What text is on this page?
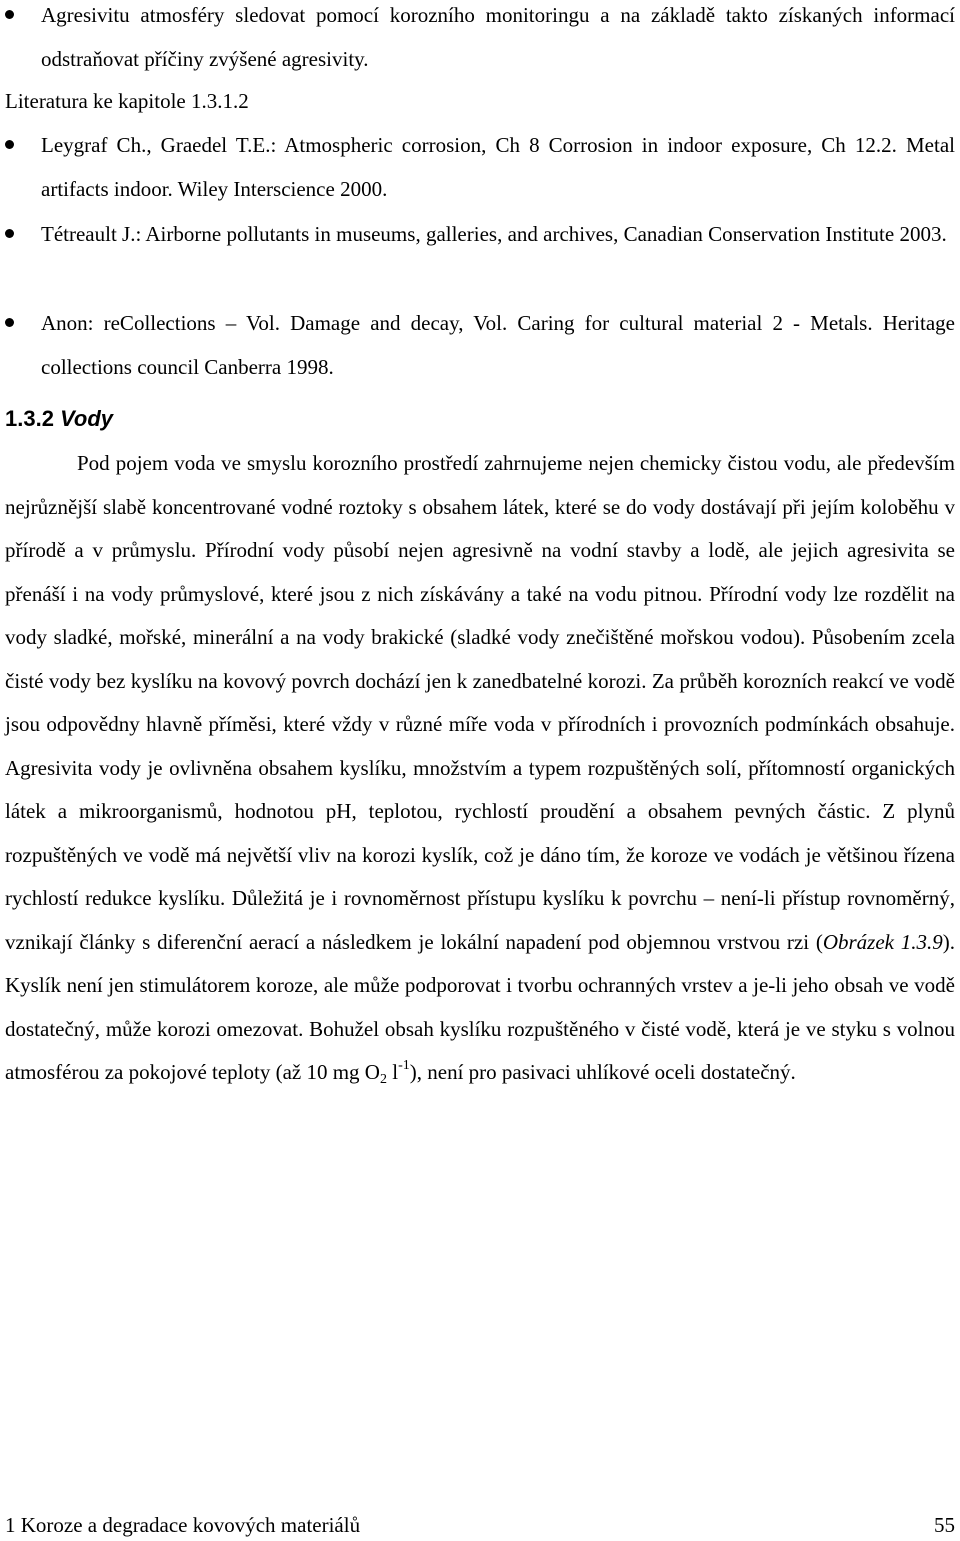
Agresivitu atmosféry sledovat pomocí korozního monitoringu a na základě takto získaných informací odstraňovat příčiny zvýšené agresivity.
Literatura ke kapitole 1.3.1.2
Leygraf Ch., Graedel T.E.: Atmospheric corrosion, Ch 8 Corrosion in indoor exposure, Ch 12.2. Metal artifacts indoor. Wiley Interscience 2000.
Tétreault J.: Airborne pollutants in museums, galleries, and archives, Canadian Conservation Institute 2003.
Anon: reCollections – Vol. Damage and decay, Vol. Caring for cultural material 2 - Metals. Heritage collections council Canberra 1998.
1.3.2 Vody
Pod pojem voda ve smyslu korozního prostředí zahrnujeme nejen chemicky čistou vodu, ale především nejrůznější slabě koncentrované vodné roztoky s obsahem látek, které se do vody dostávají při jejím koloběhu v přírodě a v průmyslu. Přírodní vody působí nejen agresivně na vodní stavby a lodě, ale jejich agresivita se přenáší i na vody průmyslové, které jsou z nich získávány a také na vodu pitnou. Přírodní vody lze rozdělit na vody sladké, mořské, minerální a na vody brakické (sladké vody znečištěné mořskou vodou). Působením zcela čisté vody bez kyslíku na kovový povrch dochází jen k zanedbatelné korozi. Za průběh korozních reakcí ve vodě jsou odpovědny hlavně příměsi, které vždy v různé míře voda v přírodních i provozních podmínkách obsahuje. Agresivita vody je ovlivněna obsahem kyslíku, množstvím a typem rozpuštěných solí, přítomností organických látek a mikroorganismů, hodnotou pH, teplotou, rychlostí proudění a obsahem pevných částic. Z plynů rozpuštěných ve vodě má největší vliv na korozi kyslík, což je dáno tím, že koroze ve vodách je většinou řízena rychlostí redukce kyslíku. Důležitá je i rovnoměrnost přístupu kyslíku k povrchu – není-li přístup rovnoměrný, vznikají články s diferenční aerací a následkem je lokální napadení pod objemnou vrstvou rzi (Obrázek 1.3.9). Kyslík není jen stimulátorem koroze, ale může podporovat i tvorbu ochranných vrstev a je-li jeho obsah ve vodě dostatečný, může korozi omezovat. Bohužel obsah kyslíku rozpuštěného v čisté vodě, která je ve styku s volnou atmosférou za pokojové teploty (až 10 mg $O_2$ $l^{-1}$), není pro pasivaci uhlíkové oceli dostatečný.
1 Koroze a degradace kovových materiálů	55
